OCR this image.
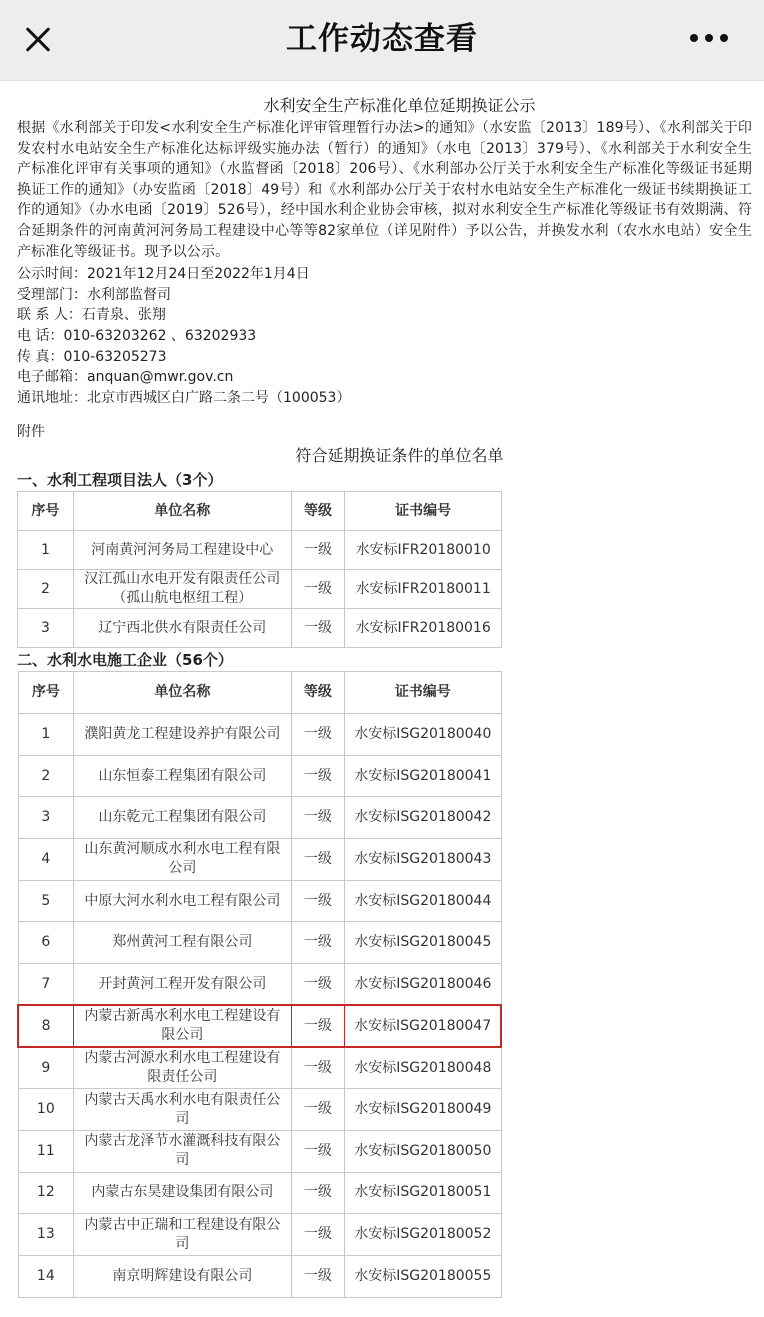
工作动态查看
水利安全生产标准化单位延期换证公示

根据《水利部关于印发<水利安全生产标准化评审管理暂行办法>的通知》（水安监〔2013〕189号）、《水利部关于印发农村水电站安全生产标准化达标评级实施办法（暂行）的通知》（水电〔2013〕379号）、《水利部关于水利安全生产标准化评审有关事项的通知》（水监督函〔2018〕206号）、《水利部办公厅关于水利安全生产标准化等级证书延期换证工作的通知》（办安监函〔2018〕49号）和《水利部办公厅关于农村水电站安全生产标准化一级证书续期换证工作的通知》（办水电函〔2019〕526号），经中国水利企业协会审核，拟对水利安全生产标准化等级证书有效期满、符合延期条件的河南黄河河务局工程建设中心等等82家单位（详见附件）予以公告，并换发水利（农水水电站）安全生产标准化等级证书。现予以公示。

公示时间：2021年12月24日至2022年1月4日
受理部门：水利部监督司
联 系 人：石青泉、张翔
电 话：010-63203262 、63202933
传 真：010-63205273
电子邮箱：anquan@mwr.gov.cn
通讯地址：北京市西城区白广路二条二号（100053）
附件
符合延期换证条件的单位名单
一、水利工程项目法人（3个）
序号	单位名称	等级	证书编号
1	河南黄河河务局工程建设中心	一级	水安标IFR20180010
2	汉江孤山水电开发有限责任公司（孤山航电枢纽工程）	一级	水安标IFR20180011
3	辽宁西北供水有限责任公司	一级	水安标IFR20180016
二、水利水电施工企业（56个）
序号	单位名称	等级	证书编号
1	濮阳黄龙工程建设养护有限公司	一级	水安标ISG20180040
2	山东恒泰工程集团有限公司	一级	水安标ISG20180041
3	山东乾元工程集团有限公司	一级	水安标ISG20180042
4	山东黄河顺成水利水电工程有限公司	一级	水安标ISG20180043
5	中原大河水利水电工程有限公司	一级	水安标ISG20180044
6	郑州黄河工程有限公司	一级	水安标ISG20180045
7	开封黄河工程开发有限公司	一级	水安标ISG20180046
8	内蒙古新禹水利水电工程建设有限公司	一级	水安标ISG20180047
9	内蒙古河源水利水电工程建设有限责任公司	一级	水安标ISG20180048
10	内蒙古天禹水利水电有限责任公司	一级	水安标ISG20180049
11	内蒙古龙泽节水灌溉科技有限公司	一级	水安标ISG20180050
12	内蒙古东昊建设集团有限公司	一级	水安标ISG20180051
13	内蒙古中正瑞和工程建设有限公司	一级	水安标ISG20180052
14	南京明辉建设有限公司	一级	水安标ISG20180055
